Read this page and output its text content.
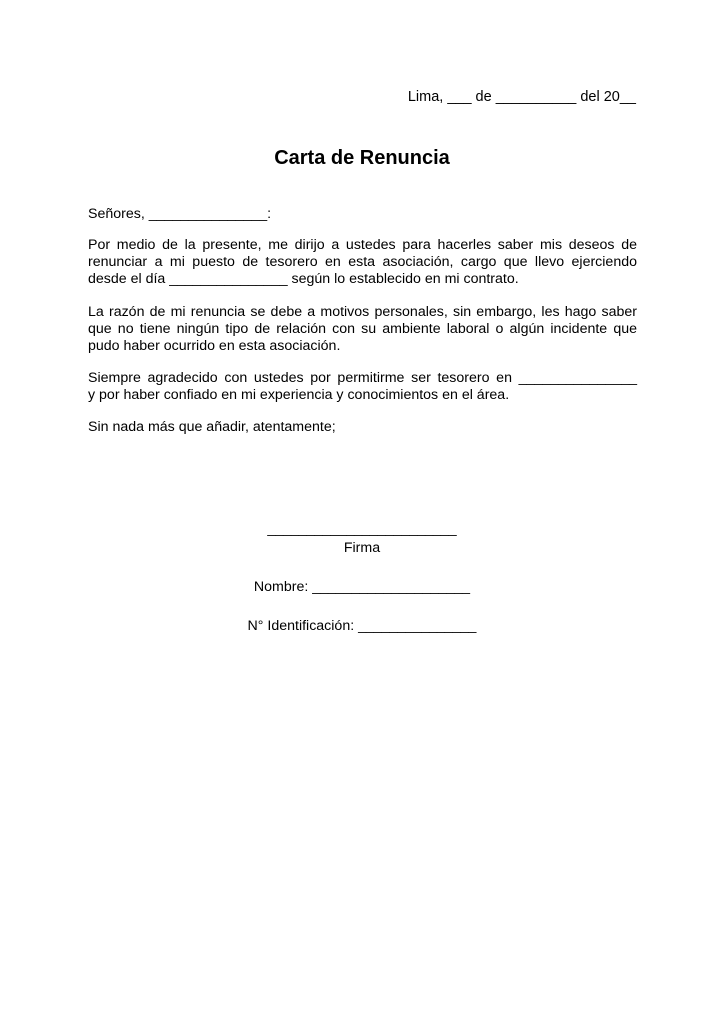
Lima, ___ de __________ del 20__
Carta de Renuncia

Señores, _______________:

Por medio de la presente, me dirijo a ustedes para hacerles saber mis deseos de
renunciar a mi puesto de tesorero en esta asociación, cargo que llevo ejerciendo
desde el día _______________ según lo establecido en mi contrato.
La razón de mi renuncia se debe a motivos personales, sin embargo, les hago saber
que no tiene ningún tipo de relación con su ambiente laboral o algún incidente que
pudo haber ocurrido en esta asociación.
Siempre agradecido con ustedes por permitirme ser tesorero en _______________
y por haber confiado en mi experiencia y conocimientos en el área.

Sin nada más que añadir, atentamente;

________________________
Firma
Nombre: ____________________
N° Identificación: _______________
